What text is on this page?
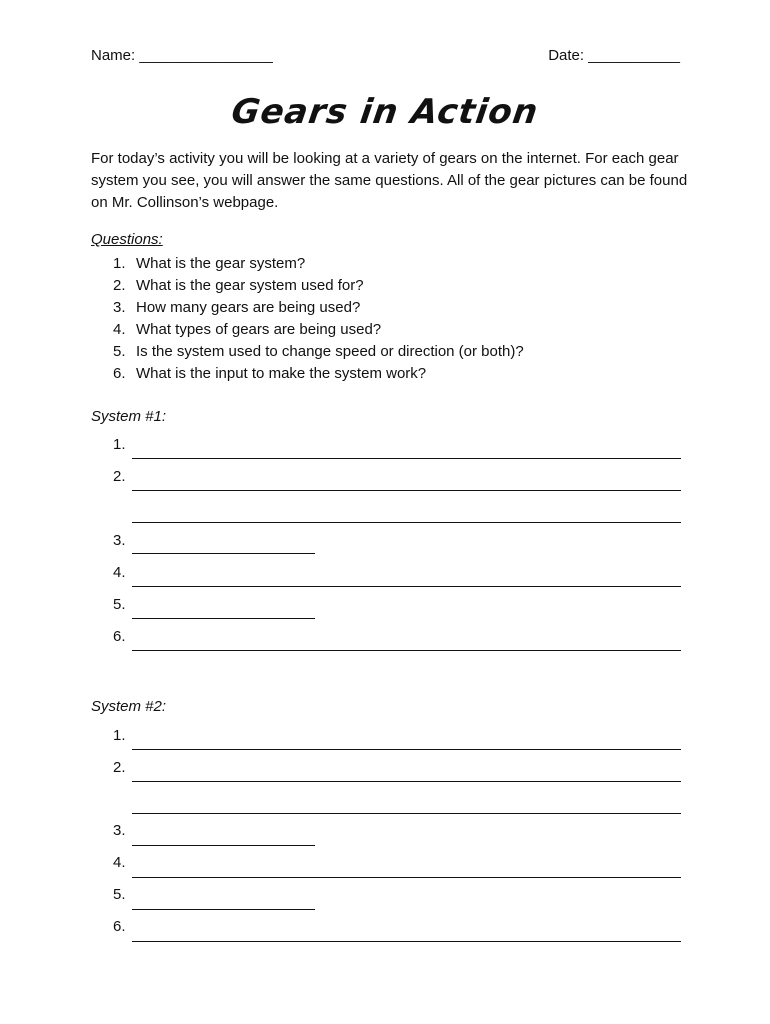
Name: ________________	Date: ___________
Gears in Action
For today’s activity you will be looking at a variety of gears on the internet. For each gear system you see, you will answer the same questions. All of the gear pictures can be found on Mr. Collinson’s webpage.
Questions:
1. What is the gear system?
2. What is the gear system used for?
3. How many gears are being used?
4. What types of gears are being used?
5. Is the system used to change speed or direction (or both)?
6. What is the input to make the system work?
System #1:
1.
2.
3.
4.
5.
6.
System #2:
1.
2.
3.
4.
5.
6.
